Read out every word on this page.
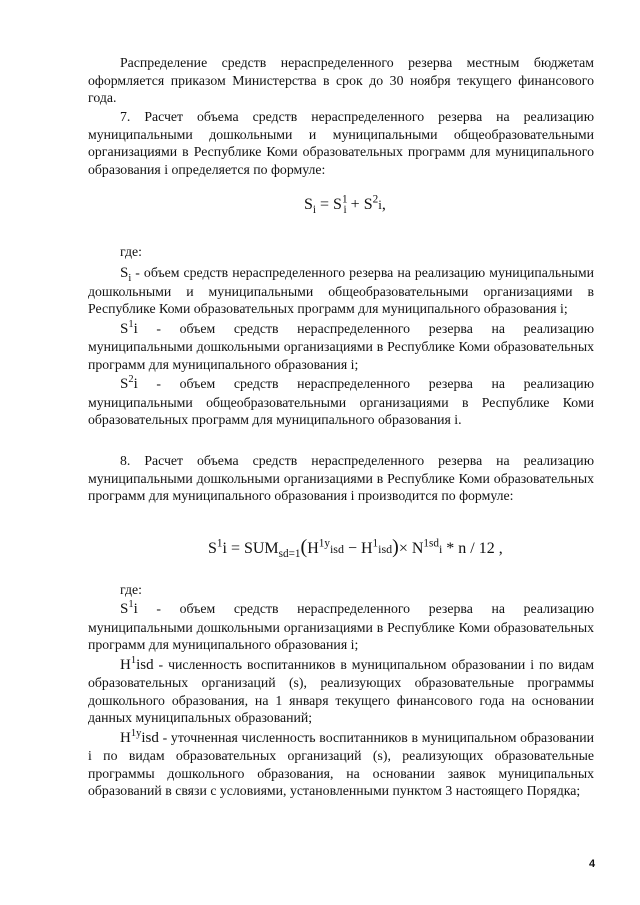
Распределение средств нераспределенного резерва местным бюджетам оформляется приказом Министерства в срок до 30 ноября текущего финансового года.

7. Расчет объема средств нераспределенного резерва на реализацию муниципальными дошкольными и муниципальными общеобразовательными организациями в Республике Коми образовательных программ для муниципального образования i определяется по формуле:

$S_i = S^1_i + S^2i$,
где:

$S_i$ - объем средств нераспределенного резерва на реализацию муниципальными дошкольными и муниципальными общеобразовательными организациями в Республике Коми образовательных программ для муниципального образования i;

$S^1i$ - объем средств нераспределенного резерва на реализацию муниципальными дошкольными организациями в Республике Коми образовательных программ для муниципального образования i;

$S^2i$ - объем средств нераспределенного резерва на реализацию муниципальными общеобразовательными организациями в Республике Коми образовательных программ для муниципального образования i.

8. Расчет объема средств нераспределенного резерва на реализацию муниципальными дошкольными организациями в Республике Коми образовательных программ для муниципального образования i производится по формуле:

$S^1i = SUM_{sd=1}(H^{1y}isd - H^1isd)\times N^{1sd}i * n / 12$ ,
где:

$S^1i$ - объем средств нераспределенного резерва на реализацию муниципальными дошкольными организациями в Республике Коми образовательных программ для муниципального образования i;

$H^1isd$ - численность воспитанников в муниципальном образовании i по видам образовательных организаций (s), реализующих образовательные программы дошкольного образования, на 1 января текущего финансового года на основании данных муниципальных образований;

$H^{1y}isd$ - уточненная численность воспитанников в муниципальном образовании i по видам образовательных организаций (s), реализующих образовательные программы дошкольного образования, на основании заявок муниципальных образований в связи с условиями, установленными пунктом 3 настоящего Порядка;

4
